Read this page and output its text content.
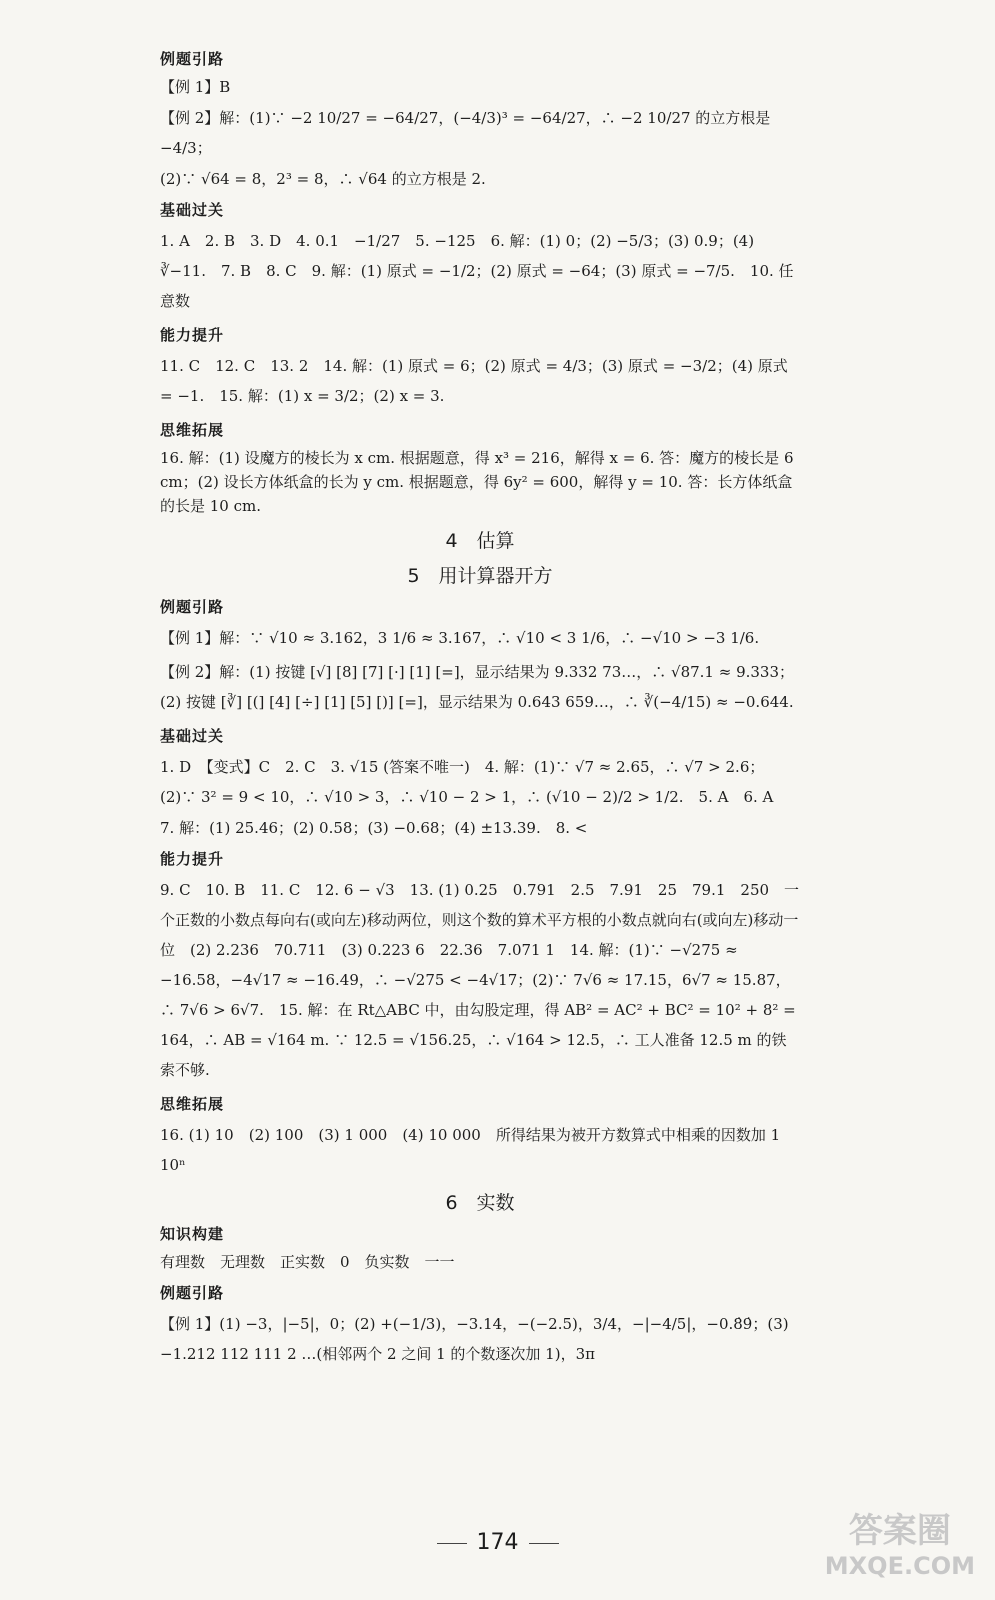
例题引路
【例 1】B
【例 2】解：(1)∵ −2 10/27 = −64/27，(−4/3)³ = −64/27，∴ −2 10/27 的立方根是 −4/3；
(2)∵ √64 = 8，2³ = 8，∴ √64 的立方根是 2.
基础过关
1. A　2. B　3. D　4. 0.1　−1/27　5. −125　6. 解：(1) 0；(2) −5/3；(3) 0.9；(4) ∛−11.　7. B　8. C　9. 解：(1) 原式 = −1/2；(2) 原式 = −64；(3) 原式 = −7/5.　10. 任意数
能力提升
11. C　12. C　13. 2　14. 解：(1) 原式 = 6；(2) 原式 = 4/3；(3) 原式 = −3/2；(4) 原式 = −1.　15. 解：(1) x = 3/2；(2) x = 3.
思维拓展
16. 解：(1) 设魔方的棱长为 x cm. 根据题意，得 x³ = 216，解得 x = 6. 答：魔方的棱长是 6 cm；(2) 设长方体纸盒的长为 y cm. 根据题意，得 6y² = 600，解得 y = 10. 答：长方体纸盒的长是 10 cm.
4　估算
5　用计算器开方
例题引路
【例 1】解：∵ √10 ≈ 3.162，3 1/6 ≈ 3.167，∴ √10 < 3 1/6，∴ −√10 > −3 1/6.
【例 2】解：(1) 按键 [√] [8] [7] [·] [1] [=]，显示结果为 9.332 73…，∴ √87.1 ≈ 9.333；(2) 按键 [∛] [(] [4] [÷] [1] [5] [)] [=]，显示结果为 0.643 659…，∴ ∛(−4/15) ≈ −0.644.
基础过关
1. D　【变式】C　2. C　3. √15 (答案不唯一)　4. 解：(1)∵ √7 ≈ 2.65，∴ √7 > 2.6；(2)∵ 3² = 9 < 10，∴ √10 > 3，∴ √10 − 2 > 1，∴ (√10 − 2)/2 > 1/2.　5. A　6. A
7. 解：(1) 25.46；(2) 0.58；(3) −0.68；(4) ±13.39.　8. <
能力提升
9. C　10. B　11. C　12. 6 − √3　13. (1) 0.25　0.791　2.5　7.91　25　79.1　250　一个正数的小数点每向右(或向左)移动两位，则这个数的算术平方根的小数点就向右(或向左)移动一位　(2) 2.236　70.711　(3) 0.223 6　22.36　7.071 1　14. 解：(1)∵ −√275 ≈ −16.58，−4√17 ≈ −16.49，∴ −√275 < −4√17；(2)∵ 7√6 ≈ 17.15，6√7 ≈ 15.87，∴ 7√6 > 6√7.　15. 解：在 Rt△ABC 中，由勾股定理，得 AB² = AC² + BC² = 10² + 8² = 164，∴ AB = √164 m. ∵ 12.5 = √156.25，∴ √164 > 12.5，∴ 工人准备 12.5 m 的铁索不够.
思维拓展
16. (1) 10　(2) 100　(3) 1 000　(4) 10 000　所得结果为被开方数算式中相乘的因数加 1　10ⁿ
6　实数
知识构建
有理数　无理数　正实数　0　负实数　一一
例题引路
【例 1】(1) −3，|−5|，0；(2) +(−1/3)，−3.14，−(−2.5)，3/4，−|−4/5|，−0.8̇9̇；(3) −1.212 112 111 2 …(相邻两个 2 之间 1 的个数逐次加 1)，3π
174	答案圈
MXQE.COM
